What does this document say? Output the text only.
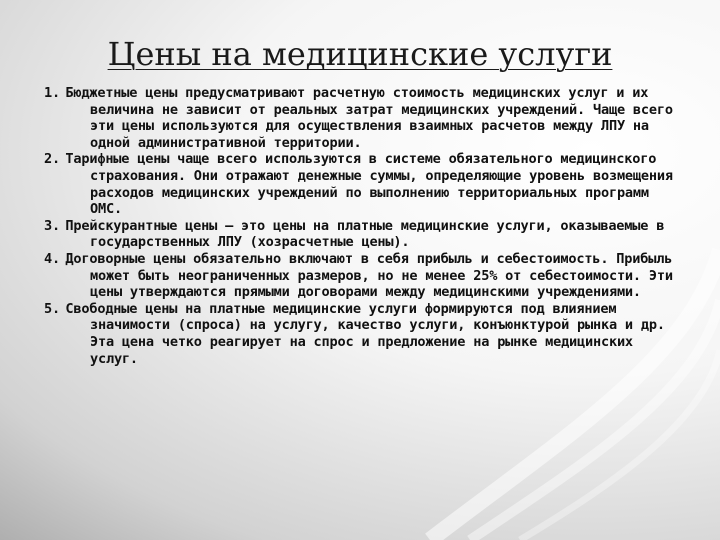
Цены на медицинские услуги
1. Бюджетные цены предусматривают расчетную стоимость медицинских услуг и их величина не зависит от реальных затрат медицинских учреждений. Чаще всего эти цены используются для осуществления взаимных расчетов между ЛПУ на одной административной территории.
2. Тарифные цены чаще всего используются в системе обязательного медицинского страхования. Они отражают денежные суммы, определяющие уровень возмещения расходов медицинских учреждений по выполнению территориальных программ ОМС.
3. Прейскурантные цены – это цены на платные медицинские услуги, оказываемые в государственных ЛПУ (хозрасчетные цены).
4. Договорные цены обязательно включают в себя прибыль и себестоимость. Прибыль может быть неограниченных размеров, но не менее 25% от себестоимости. Эти цены утверждаются прямыми договорами между медицинскими учреждениями.
5. Свободные цены на платные медицинские услуги формируются под влиянием значимости (спроса) на услугу, качество услуги, конъюнктурой рынка и др. Эта цена четко реагирует на спрос и предложение на рынке медицинских услуг.
